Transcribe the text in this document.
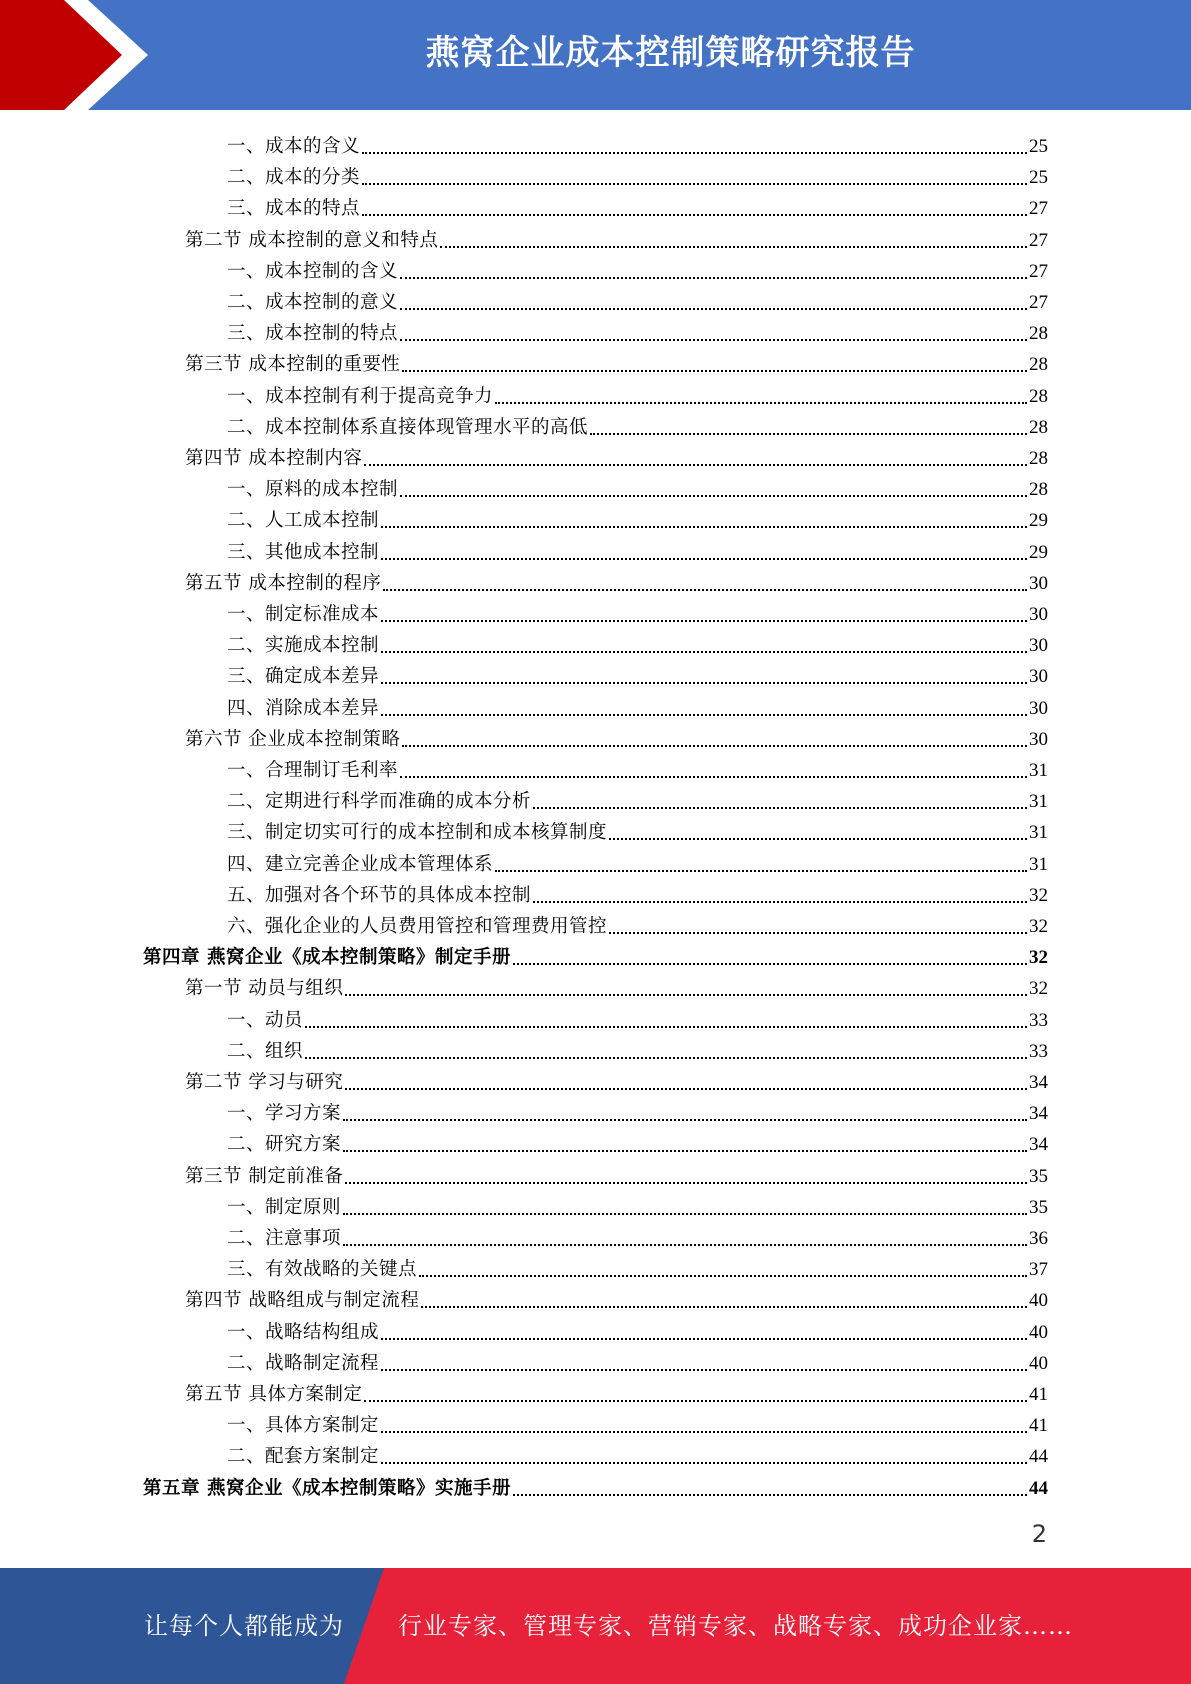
燕窝企业成本控制策略研究报告
一、成本的含义	25
二、成本的分类	25
三、成本的特点	27
第二节 成本控制的意义和特点	27
一、成本控制的含义	27
二、成本控制的意义	27
三、成本控制的特点	28
第三节 成本控制的重要性	28
一、成本控制有利于提高竞争力	28
二、成本控制体系直接体现管理水平的高低	28
第四节 成本控制内容	28
一、原料的成本控制	28
二、人工成本控制	29
三、其他成本控制	29
第五节 成本控制的程序	30
一、制定标准成本	30
二、实施成本控制	30
三、确定成本差异	30
四、消除成本差异	30
第六节 企业成本控制策略	30
一、合理制订毛利率	31
二、定期进行科学而准确的成本分析	31
三、制定切实可行的成本控制和成本核算制度	31
四、建立完善企业成本管理体系	31
五、加强对各个环节的具体成本控制	32
六、强化企业的人员费用管控和管理费用管控	32
第四章 燕窝企业《成本控制策略》制定手册	32
第一节 动员与组织	32
一、动员	33
二、组织	33
第二节 学习与研究	34
一、学习方案	34
二、研究方案	34
第三节 制定前准备	35
一、制定原则	35
二、注意事项	36
三、有效战略的关键点	37
第四节 战略组成与制定流程	40
一、战略结构组成	40
二、战略制定流程	40
第五节 具体方案制定	41
一、具体方案制定	41
二、配套方案制定	44
第五章 燕窝企业《成本控制策略》实施手册	44
2
让每个人都能成为 行业专家、管理专家、营销专家、战略专家、成功企业家……
